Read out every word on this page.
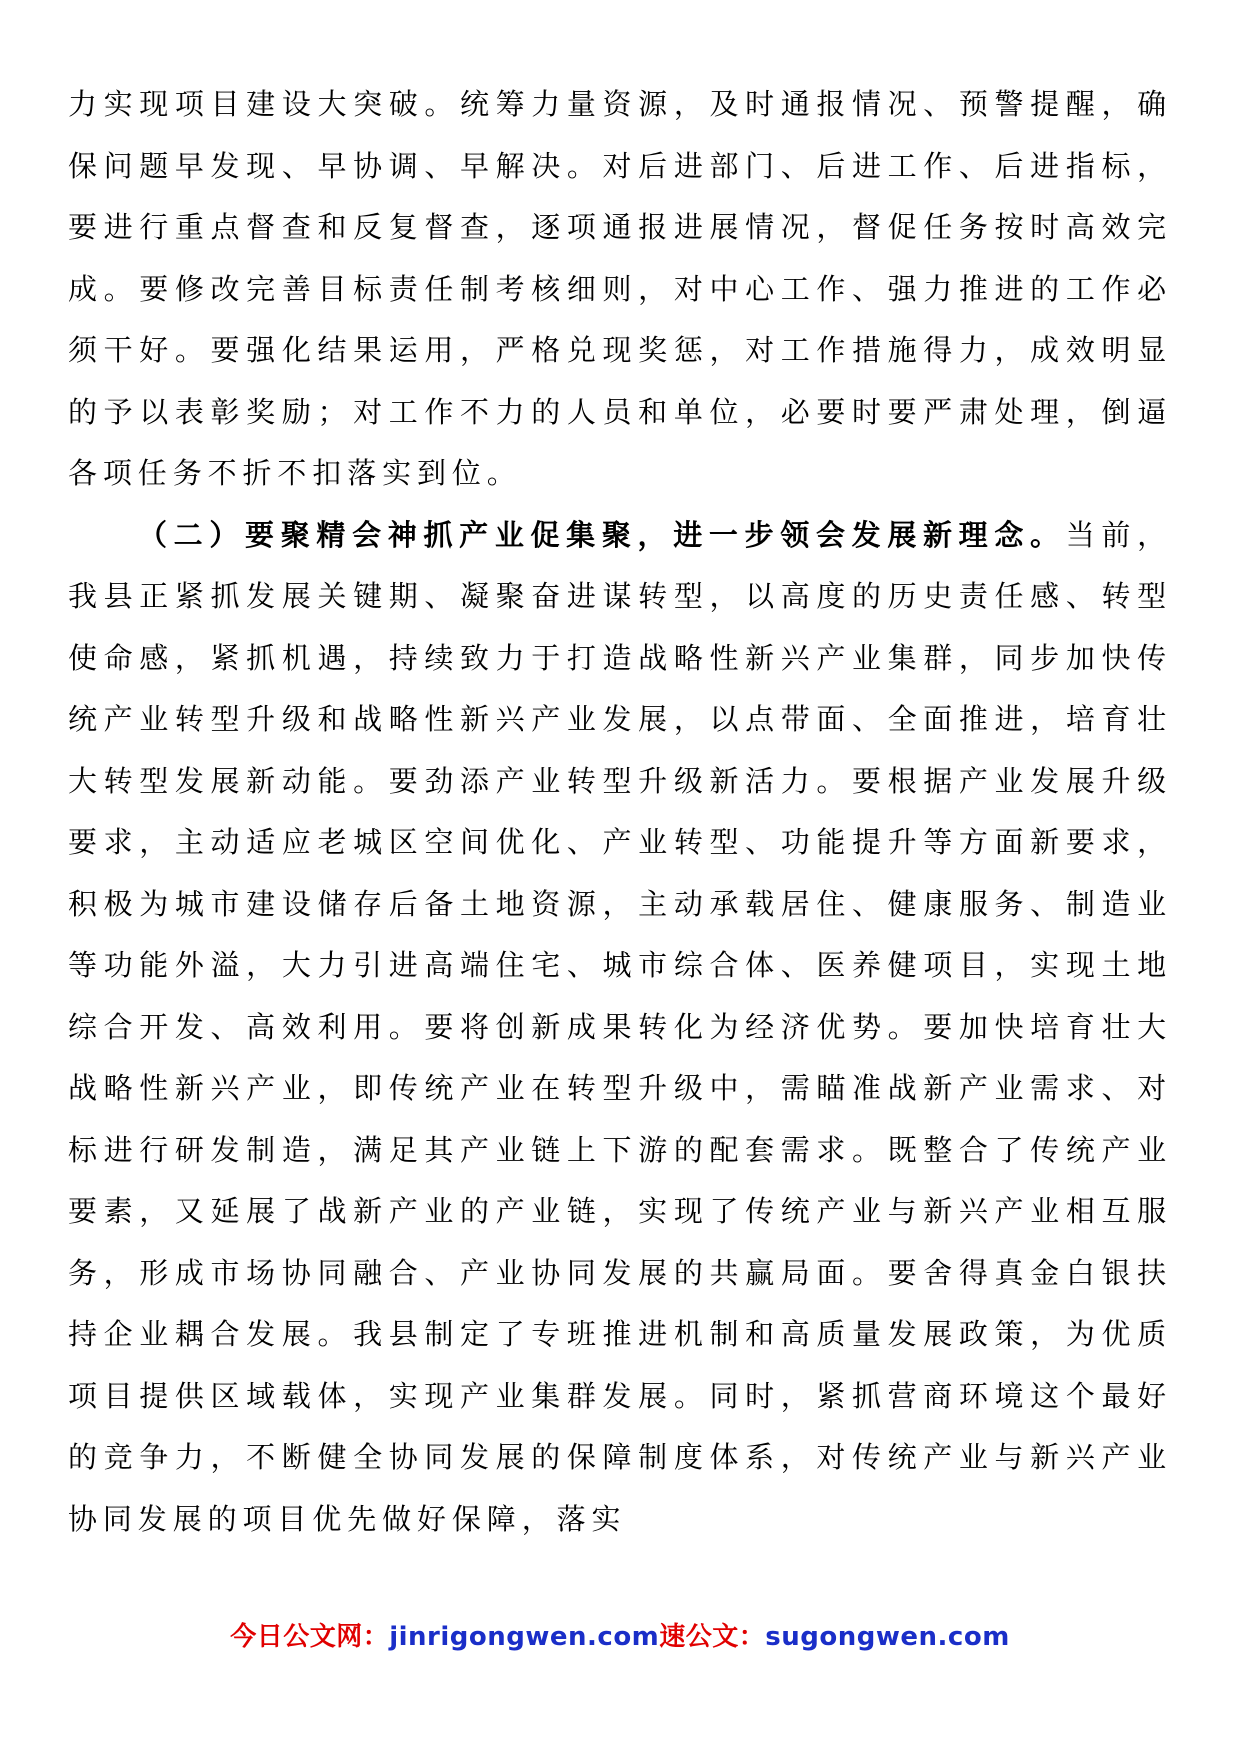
力实现项目建设大突破。统筹力量资源，及时通报情况、预警提醒，确保问题早发现、早协调、早解决。对后进部门、后进工作、后进指标，要进行重点督查和反复督查，逐项通报进展情况，督促任务按时高效完成。要修改完善目标责任制考核细则，对中心工作、强力推进的工作必须干好。要强化结果运用，严格兑现奖惩，对工作措施得力，成效明显的予以表彰奖励；对工作不力的人员和单位，必要时要严肃处理，倒逼各项任务不折不扣落实到位。

（二）要聚精会神抓产业促集聚，进一步领会发展新理念。当前，我县正紧抓发展关键期、凝聚奋进谋转型，以高度的历史责任感、转型使命感，紧抓机遇，持续致力于打造战略性新兴产业集群，同步加快传统产业转型升级和战略性新兴产业发展，以点带面、全面推进，培育壮大转型发展新动能。要劲添产业转型升级新活力。要根据产业发展升级要求，主动适应老城区空间优化、产业转型、功能提升等方面新要求，积极为城市建设储存后备土地资源，主动承载居住、健康服务、制造业等功能外溢，大力引进高端住宅、城市综合体、医养健项目，实现土地综合开发、高效利用。要将创新成果转化为经济优势。要加快培育壮大战略性新兴产业，即传统产业在转型升级中，需瞄准战新产业需求、对标进行研发制造，满足其产业链上下游的配套需求。既整合了传统产业要素，又延展了战新产业的产业链，实现了传统产业与新兴产业相互服务，形成市场协同融合、产业协同发展的共赢局面。要舍得真金白银扶持企业耦合发展。我县制定了专班推进机制和高质量发展政策，为优质项目提供区域载体，实现产业集群发展。同时，紧抓营商环境这个最好的竞争力，不断健全协同发展的保障制度体系，对传统产业与新兴产业协同发展的项目优先做好保障，落实

今日公文网：jinrigongwen.com速公文：sugongwen.com
